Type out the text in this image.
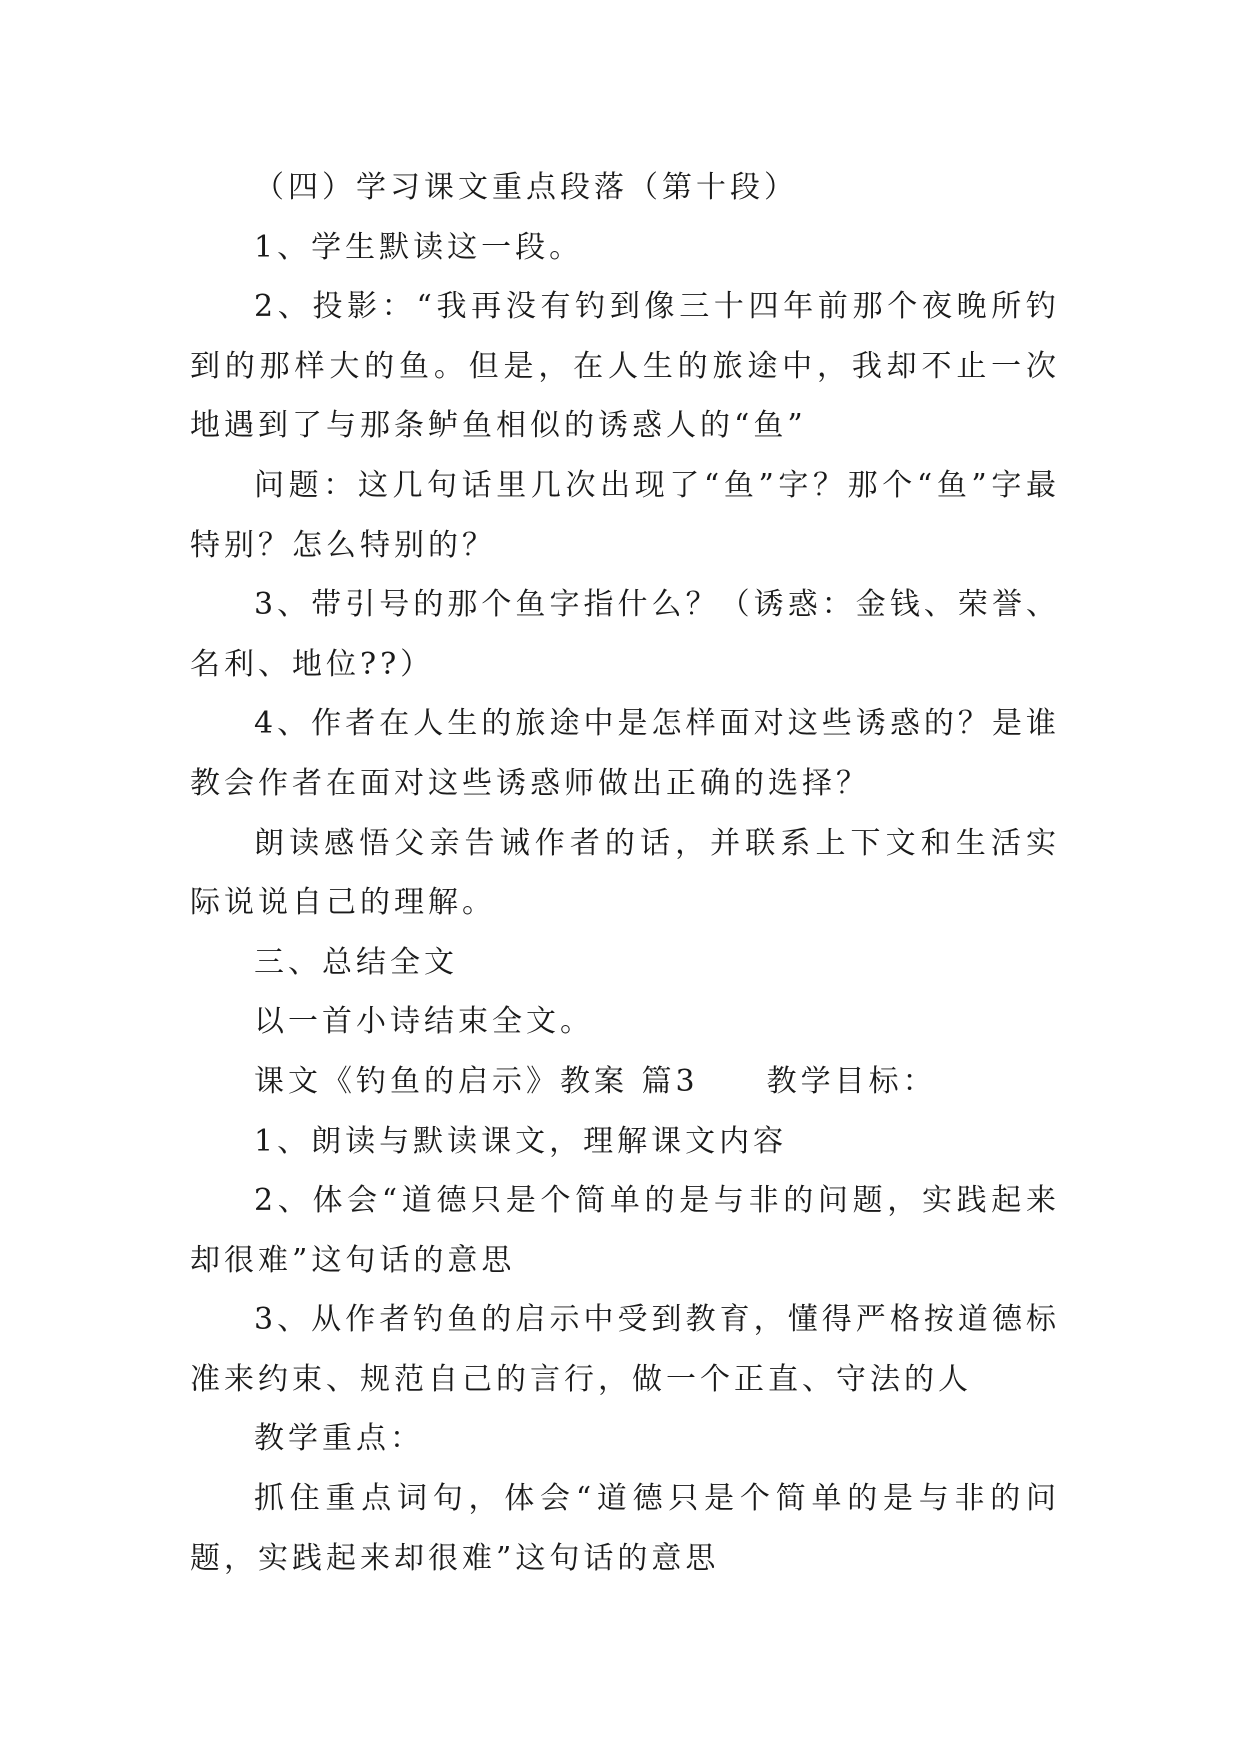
（四）学习课文重点段落（第十段）

1、学生默读这一段。

2、投影：“我再没有钓到像三十四年前那个夜晚所钓到的那样大的鱼。但是，在人生的旅途中，我却不止一次地遇到了与那条鲈鱼相似的诱惑人的“鱼”

问题：这几句话里几次出现了“鱼”字？那个“鱼”字最特别？怎么特别的？

3、带引号的那个鱼字指什么？（诱惑：金钱、荣誉、名利、地位??）

4、作者在人生的旅途中是怎样面对这些诱惑的？是谁教会作者在面对这些诱惑师做出正确的选择？

朗读感悟父亲告诫作者的话，并联系上下文和生活实际说说自己的理解。

三、总结全文

以一首小诗结束全文。

课文《钓鱼的启示》教案 篇3　　教学目标：

1、朗读与默读课文，理解课文内容

2、体会“道德只是个简单的是与非的问题，实践起来却很难”这句话的意思

3、从作者钓鱼的启示中受到教育，懂得严格按道德标准来约束、规范自己的言行，做一个正直、守法的人

教学重点：

抓住重点词句，体会“道德只是个简单的是与非的问题，实践起来却很难”这句话的意思
